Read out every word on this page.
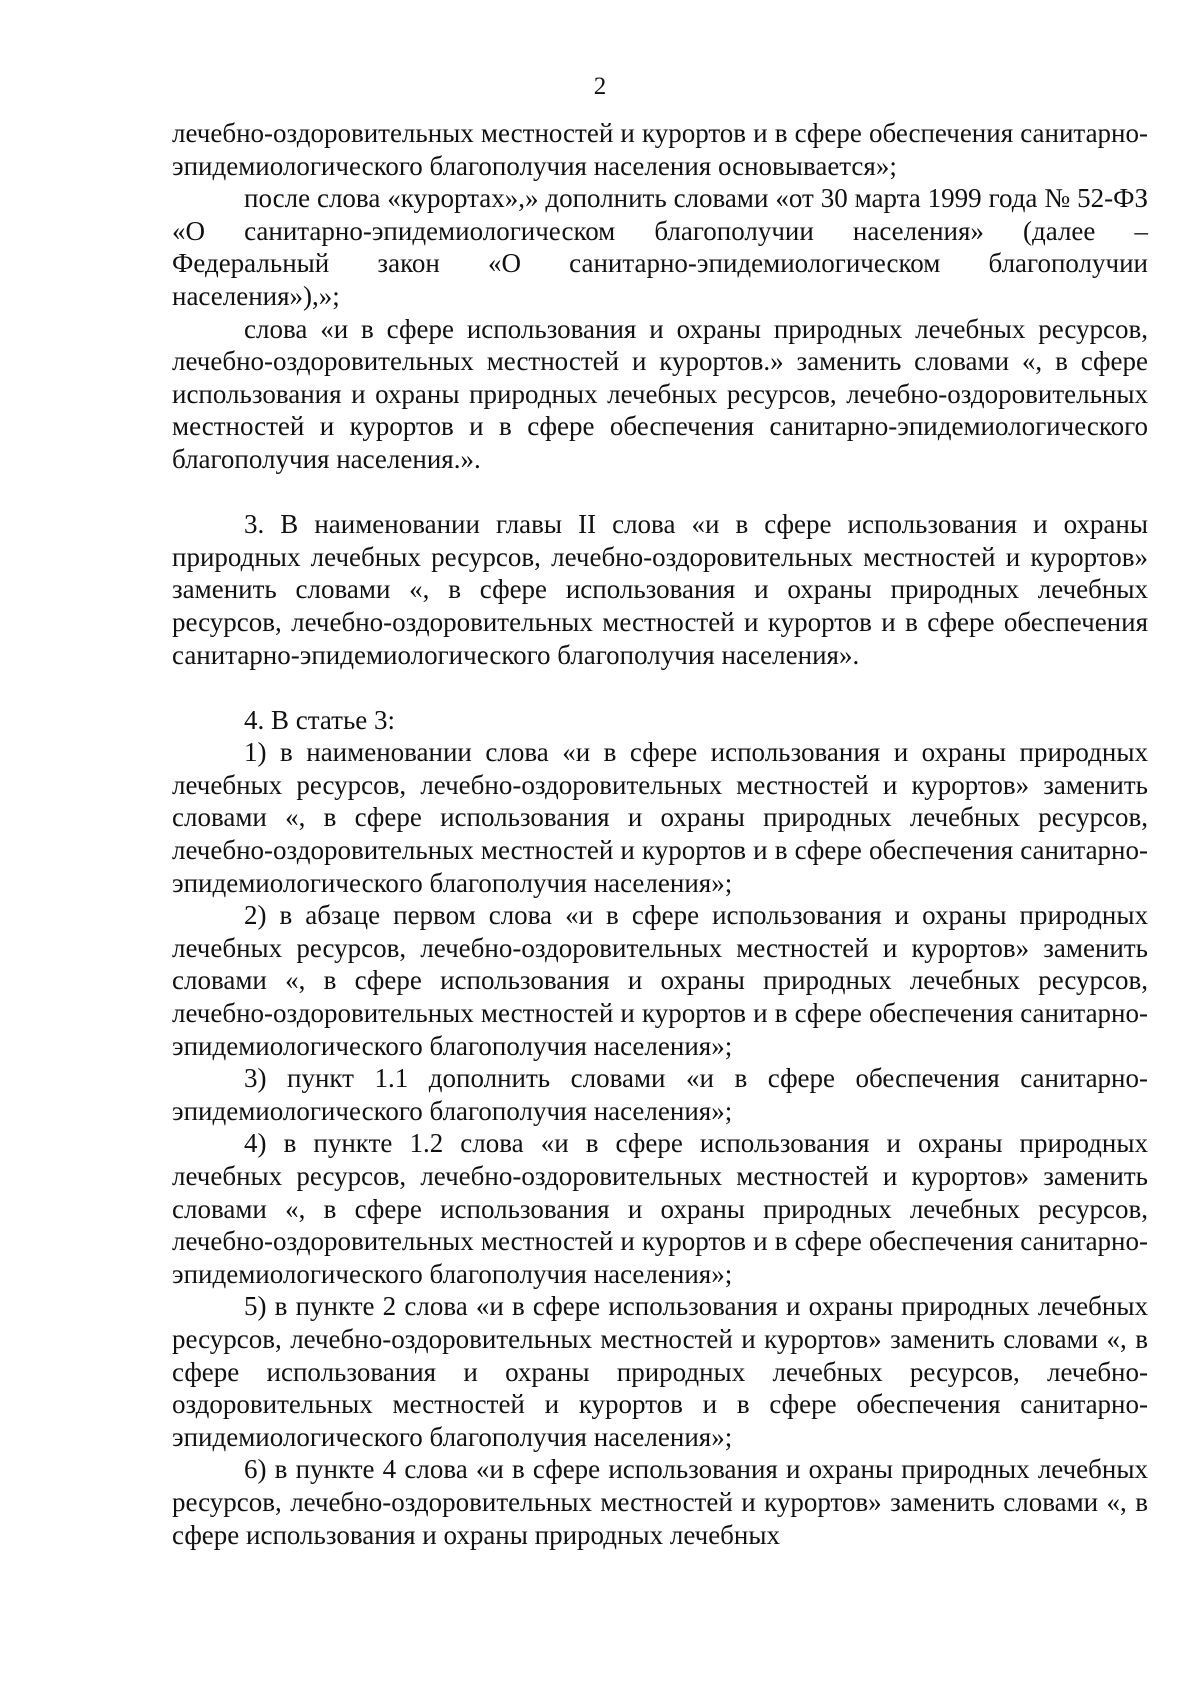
2

лечебно-оздоровительных местностей и курортов и в сфере обеспечения санитарно-эпидемиологического благополучия населения основывается»;

после слова «курортах»,» дополнить словами «от 30 марта 1999 года № 52-ФЗ «О санитарно-эпидемиологическом благополучии населения» (далее – Федеральный закон «О санитарно-эпидемиологическом благополучии населения»),»;

слова «и в сфере использования и охраны природных лечебных ресурсов, лечебно-оздоровительных местностей и курортов.» заменить словами «, в сфере использования и охраны природных лечебных ресурсов, лечебно-оздоровительных местностей и курортов и в сфере обеспечения санитарно-эпидемиологического благополучия населения.».

3. В наименовании главы II слова «и в сфере использования и охраны природных лечебных ресурсов, лечебно-оздоровительных местностей и курортов» заменить словами «, в сфере использования и охраны природных лечебных ресурсов, лечебно-оздоровительных местностей и курортов и в сфере обеспечения санитарно-эпидемиологического благополучия населения».

4. В статье 3:

1) в наименовании слова «и в сфере использования и охраны природных лечебных ресурсов, лечебно-оздоровительных местностей и курортов» заменить словами «, в сфере использования и охраны природных лечебных ресурсов, лечебно-оздоровительных местностей и курортов и в сфере обеспечения санитарно-эпидемиологического благополучия населения»;

2) в абзаце первом слова «и в сфере использования и охраны природных лечебных ресурсов, лечебно-оздоровительных местностей и курортов» заменить словами «, в сфере использования и охраны природных лечебных ресурсов, лечебно-оздоровительных местностей и курортов и в сфере обеспечения санитарно-эпидемиологического благополучия населения»;

3) пункт 1.1 дополнить словами «и в сфере обеспечения санитарно-эпидемиологического благополучия населения»;

4) в пункте 1.2 слова «и в сфере использования и охраны природных лечебных ресурсов, лечебно-оздоровительных местностей и курортов» заменить словами «, в сфере использования и охраны природных лечебных ресурсов, лечебно-оздоровительных местностей и курортов и в сфере обеспечения санитарно-эпидемиологического благополучия населения»;

5) в пункте 2 слова «и в сфере использования и охраны природных лечебных ресурсов, лечебно-оздоровительных местностей и курортов» заменить словами «, в сфере использования и охраны природных лечебных ресурсов, лечебно-оздоровительных местностей и курортов и в сфере обеспечения санитарно-эпидемиологического благополучия населения»;

6) в пункте 4 слова «и в сфере использования и охраны природных лечебных ресурсов, лечебно-оздоровительных местностей и курортов» заменить словами «, в сфере использования и охраны природных лечебных
